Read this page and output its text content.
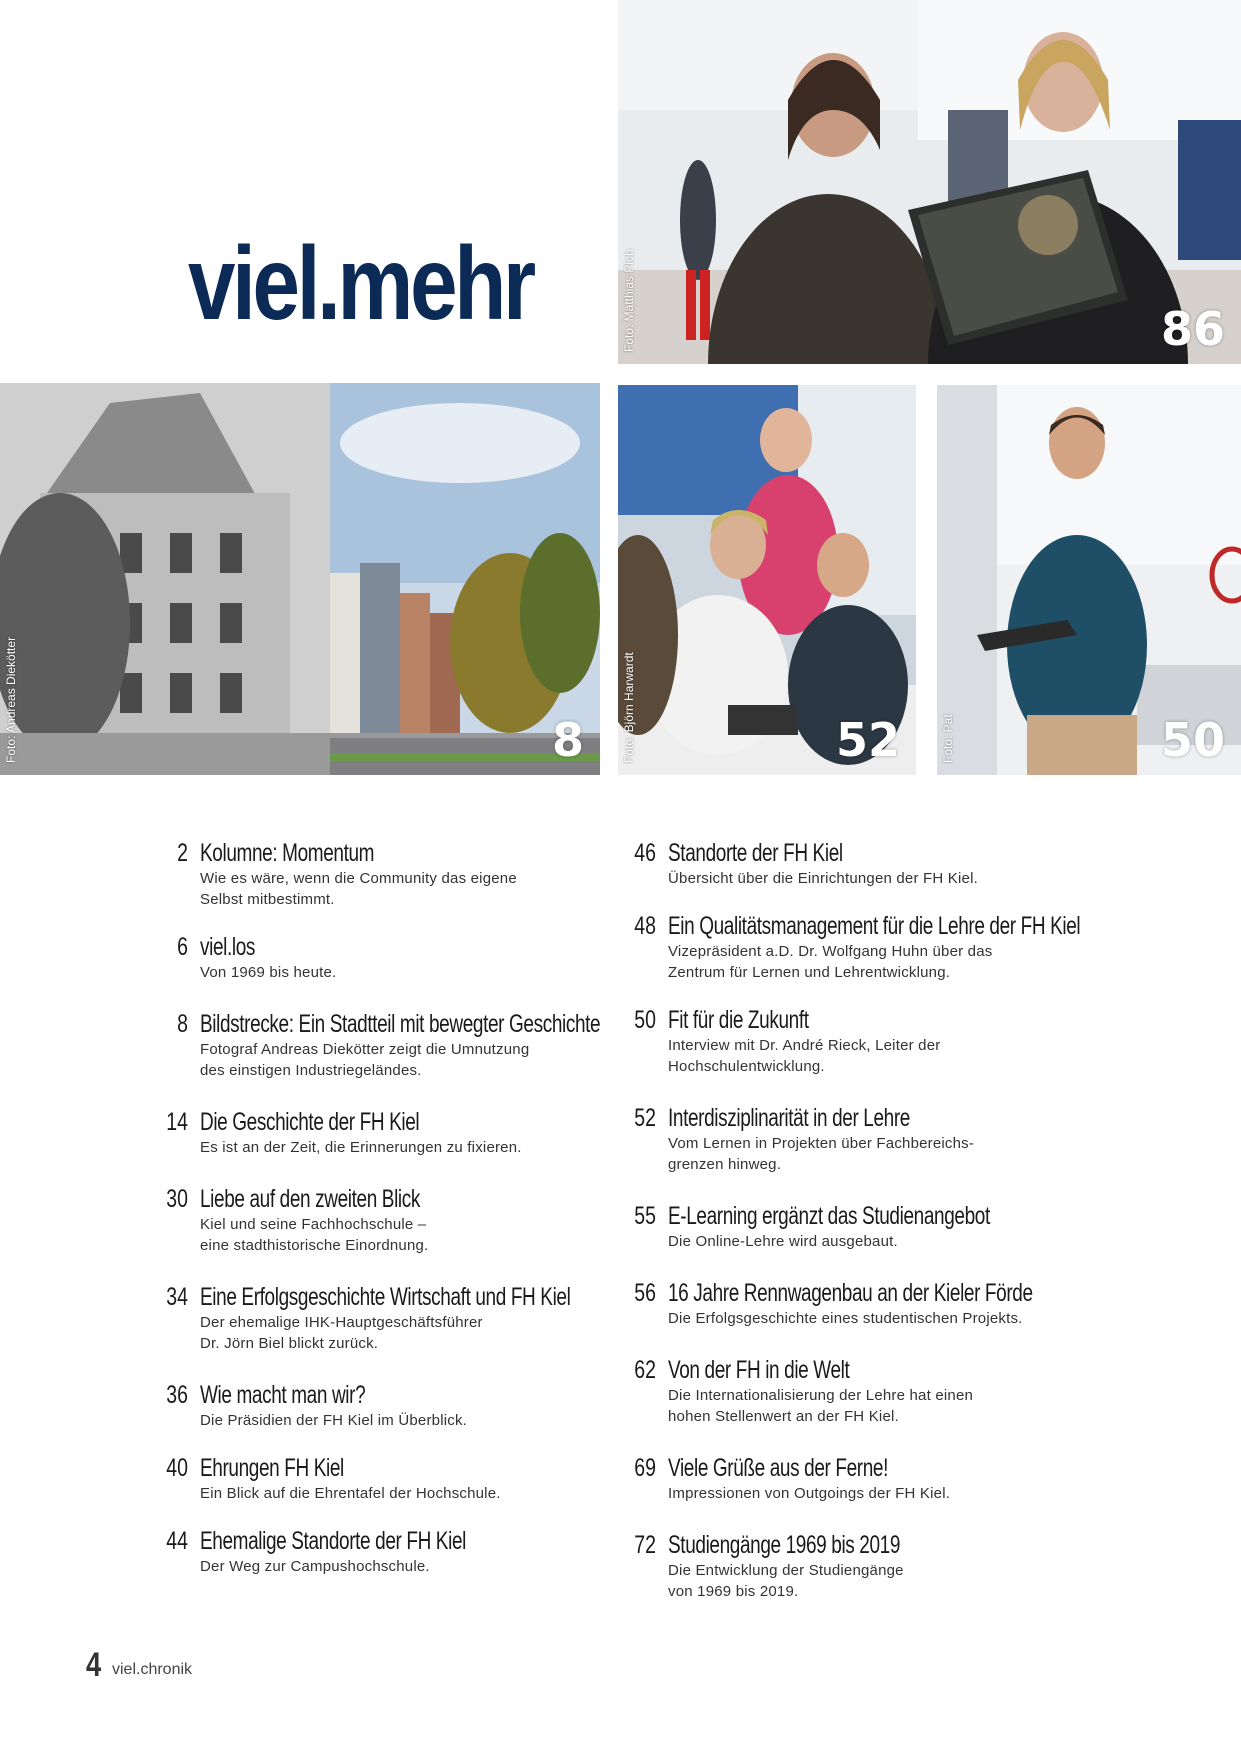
viel.mehr	Foto: Matthias Pich	86
Foto: Andreas Diekötter	8	Foto: Björn Harwardt	52	Foto: Pat	50
2 Kolumne: Momentum
Wie es wäre, wenn die Community das eigene
Selbst mitbestimmt.
6 viel.los
Von 1969 bis heute.
8 Bildstrecke: Ein Stadtteil mit bewegter Geschichte
Fotograf Andreas Diekötter zeigt die Umnutzung
des einstigen Industriegeländes.
14 Die Geschichte der FH Kiel
Es ist an der Zeit, die Erinnerungen zu fixieren.
30 Liebe auf den zweiten Blick
Kiel und seine Fachhochschule –
eine stadthistorische Einordnung.
34 Eine Erfolgsgeschichte Wirtschaft und FH Kiel
Der ehemalige IHK-Hauptgeschäftsführer
Dr. Jörn Biel blickt zurück.
36 Wie macht man wir?
Die Präsidien der FH Kiel im Überblick.
40 Ehrungen FH Kiel
Ein Blick auf die Ehrentafel der Hochschule.
44 Ehemalige Standorte der FH Kiel
Der Weg zur Campushochschule.
46 Standorte der FH Kiel
Übersicht über die Einrichtungen der FH Kiel.
48 Ein Qualitätsmanagement für die Lehre der FH Kiel
Vizepräsident a.D. Dr. Wolfgang Huhn über das
Zentrum für Lernen und Lehrentwicklung.
50 Fit für die Zukunft
Interview mit Dr. André Rieck, Leiter der
Hochschulentwicklung.
52 Interdisziplinarität in der Lehre
Vom Lernen in Projekten über Fachbereichs-
grenzen hinweg.
55 E-Learning ergänzt das Studienangebot
Die Online-Lehre wird ausgebaut.
56 16 Jahre Rennwagenbau an der Kieler Förde
Die Erfolgsgeschichte eines studentischen Projekts.
62 Von der FH in die Welt
Die Internationalisierung der Lehre hat einen
hohen Stellenwert an der FH Kiel.
69 Viele Grüße aus der Ferne!
Impressionen von Outgoings der FH Kiel.
72 Studiengänge 1969 bis 2019
Die Entwicklung der Studiengänge
von 1969 bis 2019.
4 viel.chronik
